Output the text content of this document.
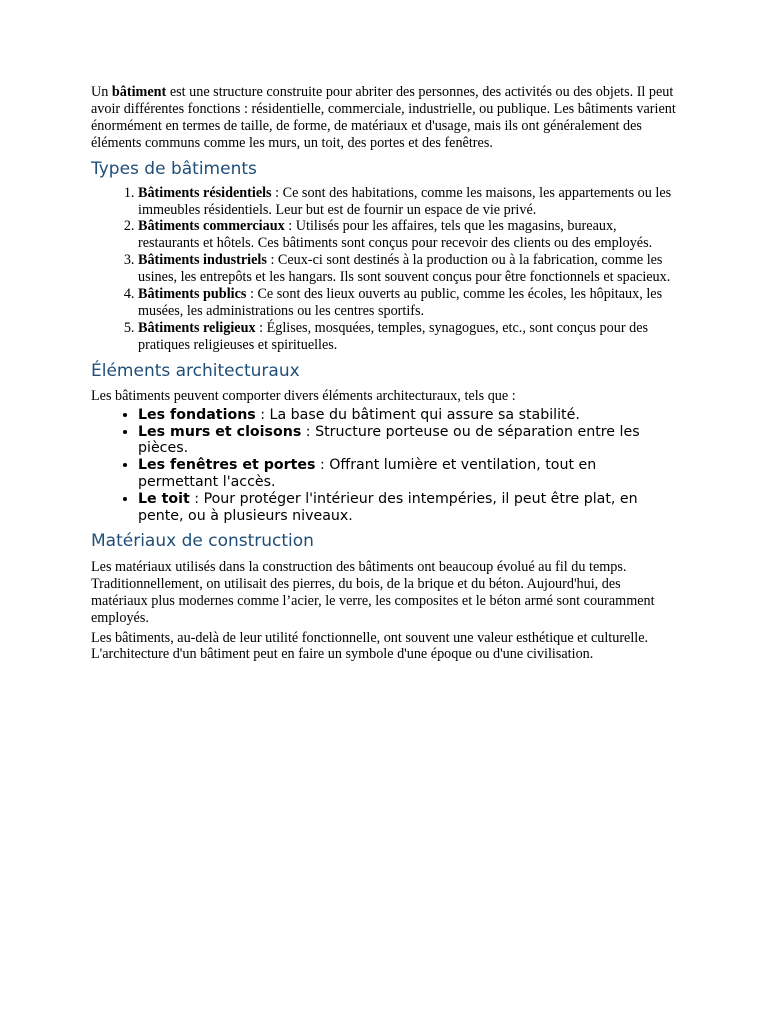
Un bâtiment est une structure construite pour abriter des personnes, des activités ou des objets. Il peut avoir différentes fonctions : résidentielle, commerciale, industrielle, ou publique. Les bâtiments varient énormément en termes de taille, de forme, de matériaux et d'usage, mais ils ont généralement des éléments communs comme les murs, un toit, des portes et des fenêtres.

Types de bâtiments
1. Bâtiments résidentiels : Ce sont des habitations, comme les maisons, les appartements ou les immeubles résidentiels. Leur but est de fournir un espace de vie privé.
2. Bâtiments commerciaux : Utilisés pour les affaires, tels que les magasins, bureaux, restaurants et hôtels. Ces bâtiments sont conçus pour recevoir des clients ou des employés.
3. Bâtiments industriels : Ceux-ci sont destinés à la production ou à la fabrication, comme les usines, les entrepôts et les hangars. Ils sont souvent conçus pour être fonctionnels et spacieux.
4. Bâtiments publics : Ce sont des lieux ouverts au public, comme les écoles, les hôpitaux, les musées, les administrations ou les centres sportifs.
5. Bâtiments religieux : Églises, mosquées, temples, synagogues, etc., sont conçus pour des pratiques religieuses et spirituelles.
Éléments architecturaux

Les bâtiments peuvent comporter divers éléments architecturaux, tels que :

• Les fondations : La base du bâtiment qui assure sa stabilité.
• Les murs et cloisons : Structure porteuse ou de séparation entre les pièces.
• Les fenêtres et portes : Offrant lumière et ventilation, tout en permettant l'accès.
• Le toit : Pour protéger l'intérieur des intempéries, il peut être plat, en pente, ou à plusieurs niveaux.
Matériaux de construction

Les matériaux utilisés dans la construction des bâtiments ont beaucoup évolué au fil du temps. Traditionnellement, on utilisait des pierres, du bois, de la brique et du béton. Aujourd'hui, des matériaux plus modernes comme l’acier, le verre, les composites et le béton armé sont couramment employés.

Les bâtiments, au-delà de leur utilité fonctionnelle, ont souvent une valeur esthétique et culturelle. L'architecture d'un bâtiment peut en faire un symbole d'une époque ou d'une civilisation.
